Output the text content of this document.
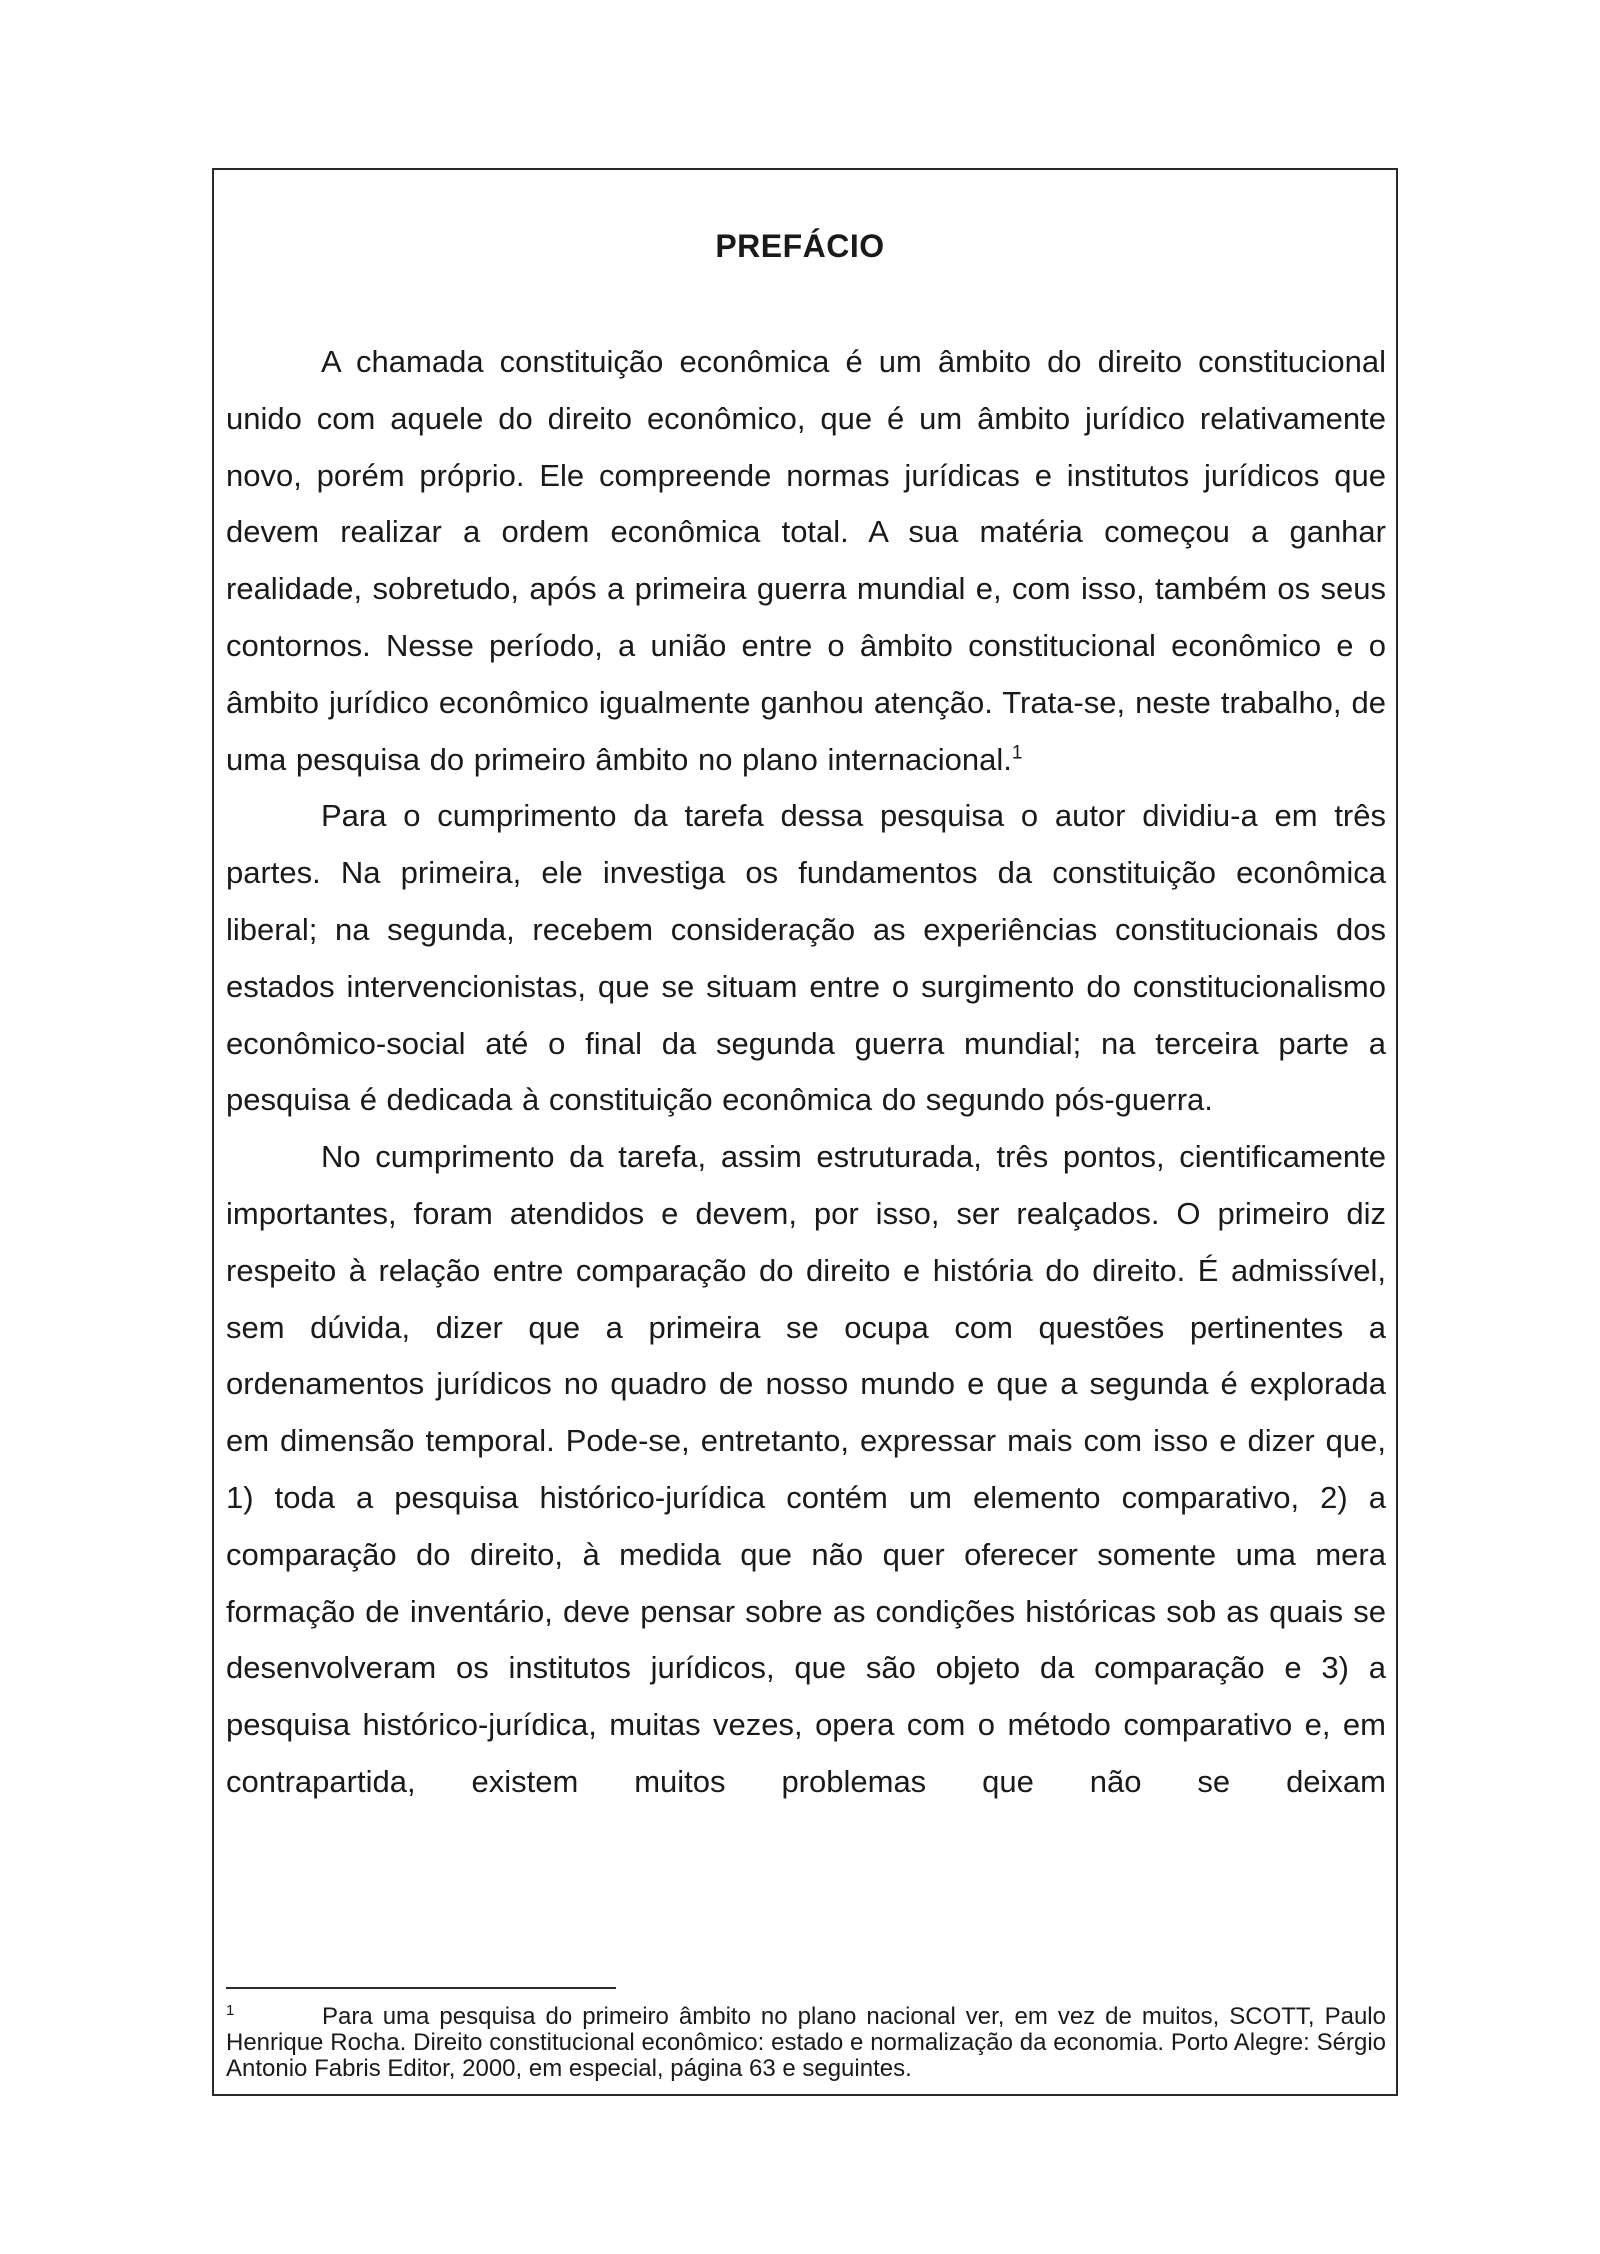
PREFÁCIO

A chamada constituição econômica é um âmbito do direito constitucional unido com aquele do direito econômico, que é um âmbito jurídico relativamente novo, porém próprio. Ele compreende normas jurídicas e institutos jurídicos que devem realizar a ordem econômica total. A sua matéria começou a ganhar realidade, sobretudo, após a primeira guerra mundial e, com isso, também os seus contornos. Nesse período, a união entre o âmbito constitucional econômico e o âmbito jurídico econômico igualmente ganhou atenção. Trata-se, neste trabalho, de uma pesquisa do primeiro âmbito no plano internacional.$^1$

Para o cumprimento da tarefa dessa pesquisa o autor dividiu-a em três partes. Na primeira, ele investiga os fundamentos da constituição econômica liberal; na segunda, recebem consideração as experiências constitucionais dos estados intervencionistas, que se situam entre o surgimento do constitucionalismo econômico-social até o final da segunda guerra mundial; na terceira parte a pesquisa é dedicada à constituição econômica do segundo pós-guerra.

No cumprimento da tarefa, assim estruturada, três pontos, cientificamente importantes, foram atendidos e devem, por isso, ser realçados. O primeiro diz respeito à relação entre comparação do direito e história do direito. É admissível, sem dúvida, dizer que a primeira se ocupa com questões pertinentes a ordenamentos jurídicos no quadro de nosso mundo e que a segunda é explorada em dimensão temporal. Pode-se, entretanto, expressar mais com isso e dizer que, 1) toda a pesquisa histórico-jurídica contém um elemento comparativo, 2) a comparação do direito, à medida que não quer oferecer somente uma mera formação de inventário, deve pensar sobre as condições históricas sob as quais se desenvolveram os institutos jurídicos, que são objeto da comparação e 3) a pesquisa histórico-jurídica, muitas vezes, opera com o método comparativo e, em contrapartida, existem muitos problemas que não se deixam

1	Para uma pesquisa do primeiro âmbito no plano nacional ver, em vez de muitos, SCOTT, Paulo Henrique Rocha. Direito constitucional econômico: estado e normalização da economia. Porto Alegre: Sérgio Antonio Fabris Editor, 2000, em especial, página 63 e seguintes.
